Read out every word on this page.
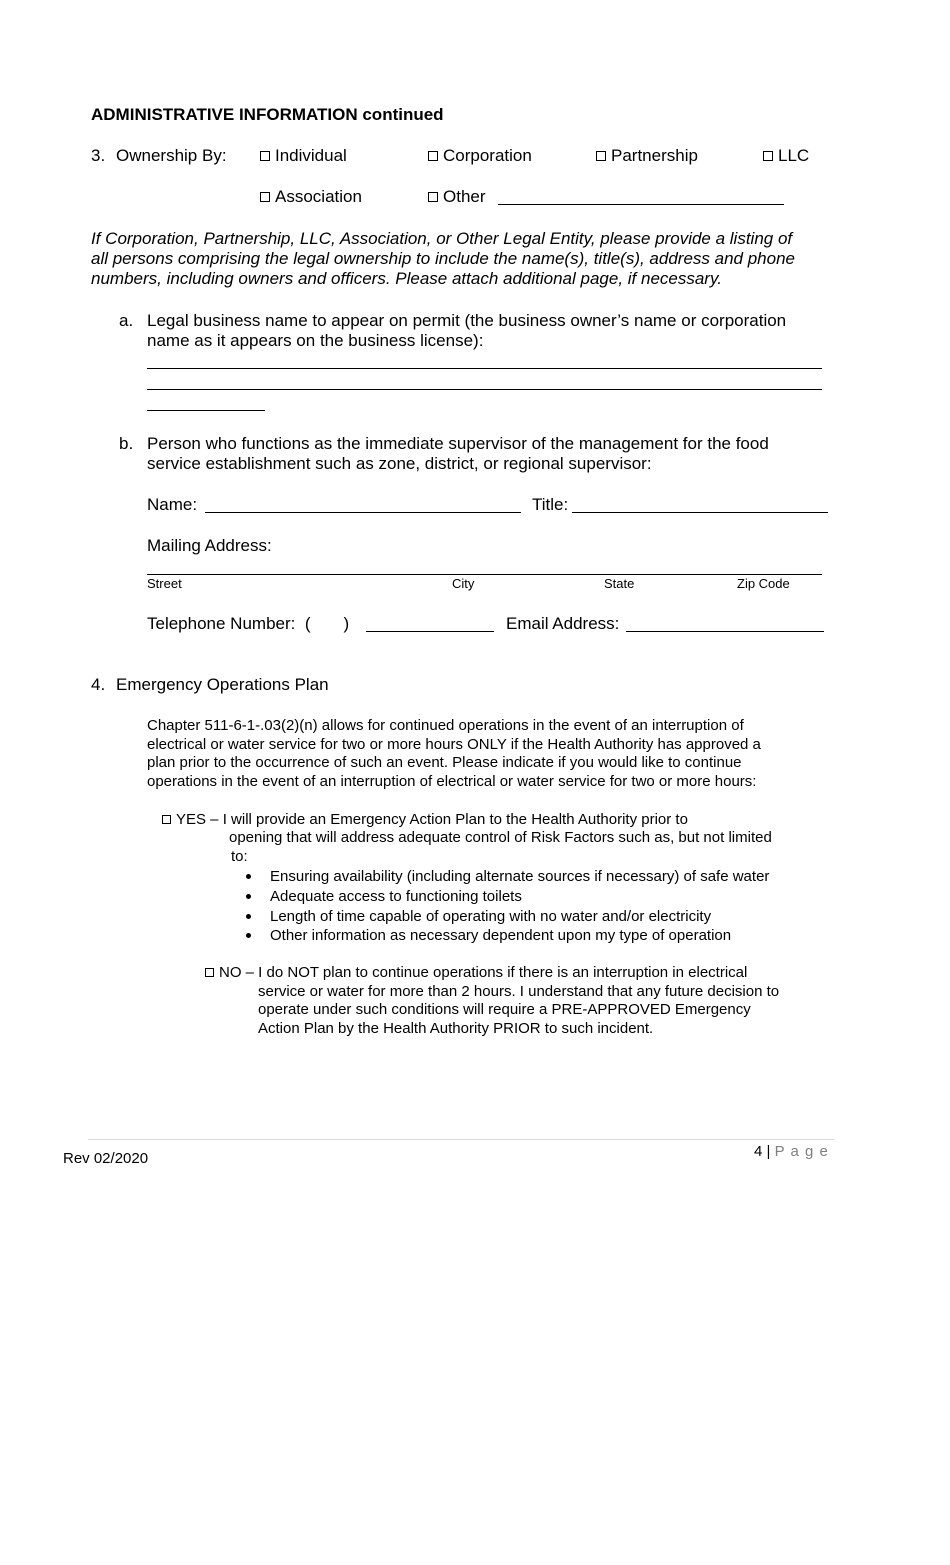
ADMINISTRATIVE INFORMATION continued
3. Ownership By:	Individual	Corporation	Partnership	LLC
Association	Other
If Corporation, Partnership, LLC, Association, or Other Legal Entity, please provide a listing of
all persons comprising the legal ownership to include the name(s), title(s), address and phone
numbers, including owners and officers. Please attach additional page, if necessary.
a. Legal business name to appear on permit (the business owner’s name or corporation
name as it appears on the business license):
b. Person who functions as the immediate supervisor of the management for the food
service establishment such as zone, district, or regional supervisor:
Name:	Title:
Mailing Address:
Street	City	State	Zip Code
Telephone Number:  (       )	Email Address:
4. Emergency Operations Plan
Chapter 511-6-1-.03(2)(n) allows for continued operations in the event of an interruption of
electrical or water service for two or more hours ONLY if the Health Authority has approved a
plan prior to the occurrence of such an event. Please indicate if you would like to continue
operations in the event of an interruption of electrical or water service for two or more hours:
YES – I will provide an Emergency Action Plan to the Health Authority prior to
opening that will address adequate control of Risk Factors such as, but not limited
to:
Ensuring availability (including alternate sources if necessary) of safe water
Adequate access to functioning toilets
Length of time capable of operating with no water and/or electricity
Other information as necessary dependent upon my type of operation
NO – I do NOT plan to continue operations if there is an interruption in electrical
service or water for more than 2 hours. I understand that any future decision to
operate under such conditions will require a PRE-APPROVED Emergency
Action Plan by the Health Authority PRIOR to such incident.
4 | P a g e
Rev 02/2020
